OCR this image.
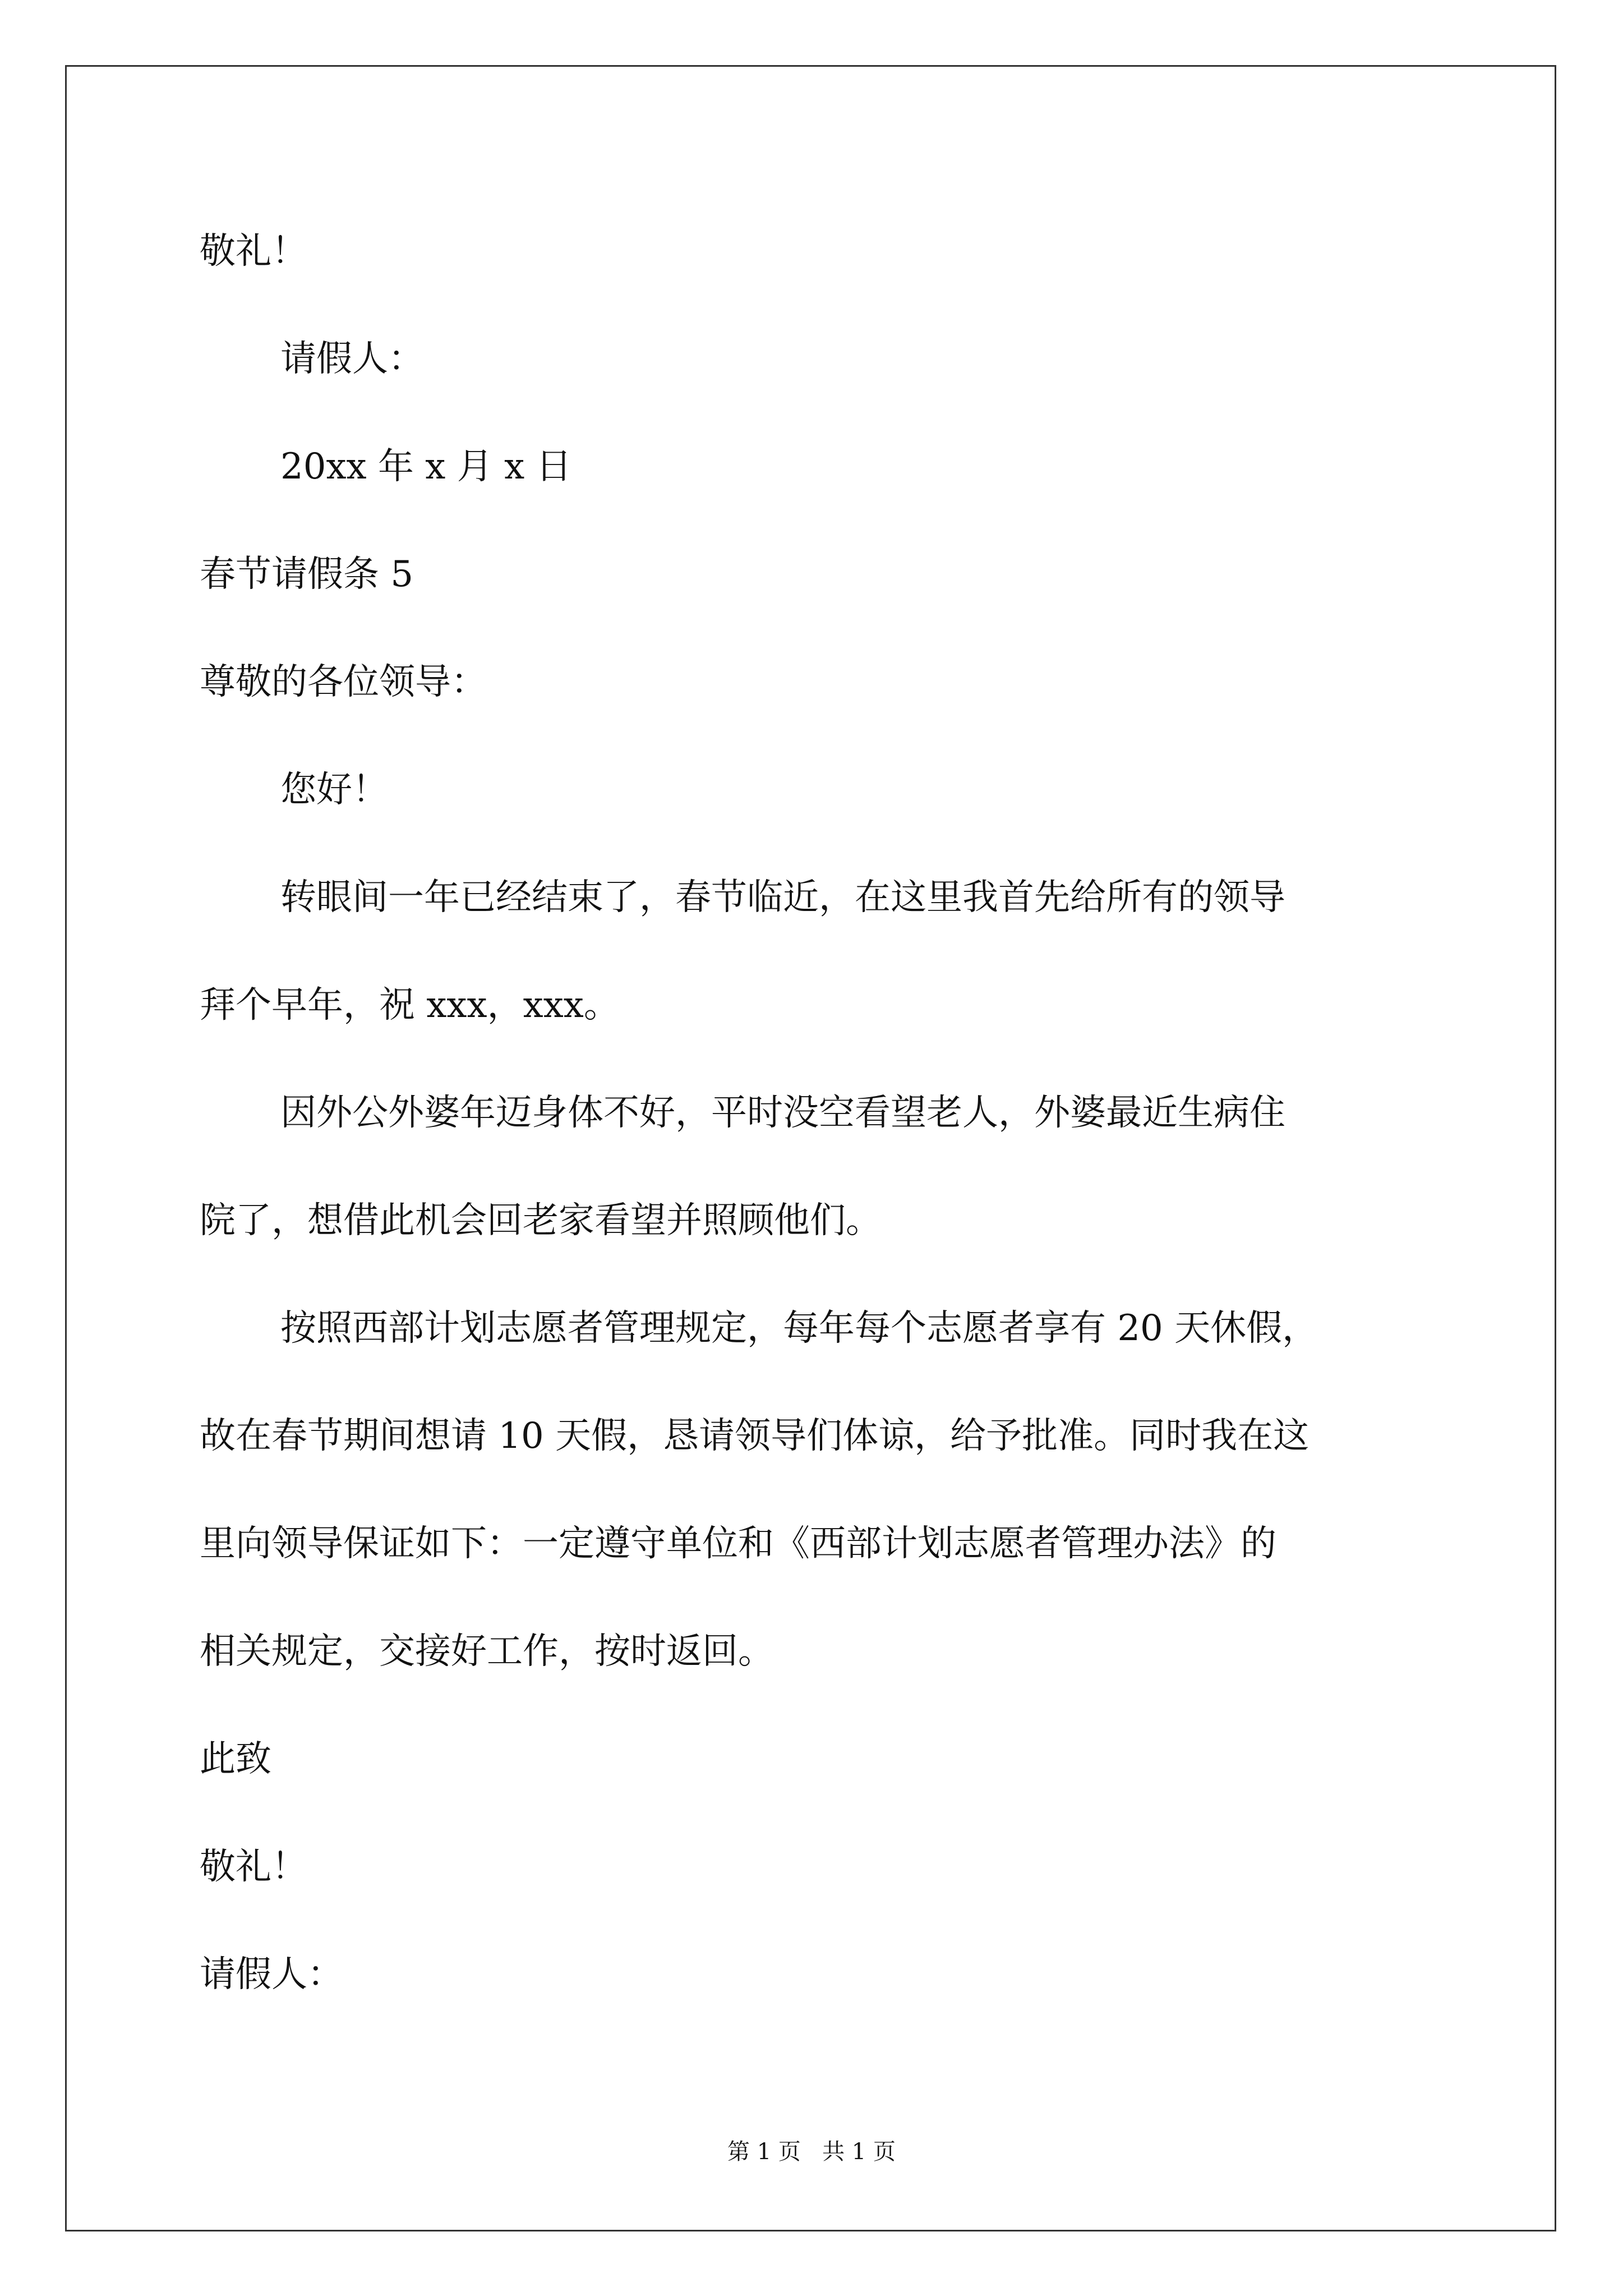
敬礼！
请假人：
20xx 年 x 月 x 日
春节请假条 5
尊敬的各位领导：
您好！
转眼间一年已经结束了，春节临近，在这里我首先给所有的领导
拜个早年，祝 xxx，xxx。
因外公外婆年迈身体不好，平时没空看望老人，外婆最近生病住
院了，想借此机会回老家看望并照顾他们。
按照西部计划志愿者管理规定，每年每个志愿者享有 20 天休假，
故在春节期间想请 10 天假，恳请领导们体谅，给予批准。同时我在这
里向领导保证如下：一定遵守单位和《西部计划志愿者管理办法》的
相关规定，交接好工作，按时返回。
此致
敬礼！
请假人：
第 1 页   共 1 页
